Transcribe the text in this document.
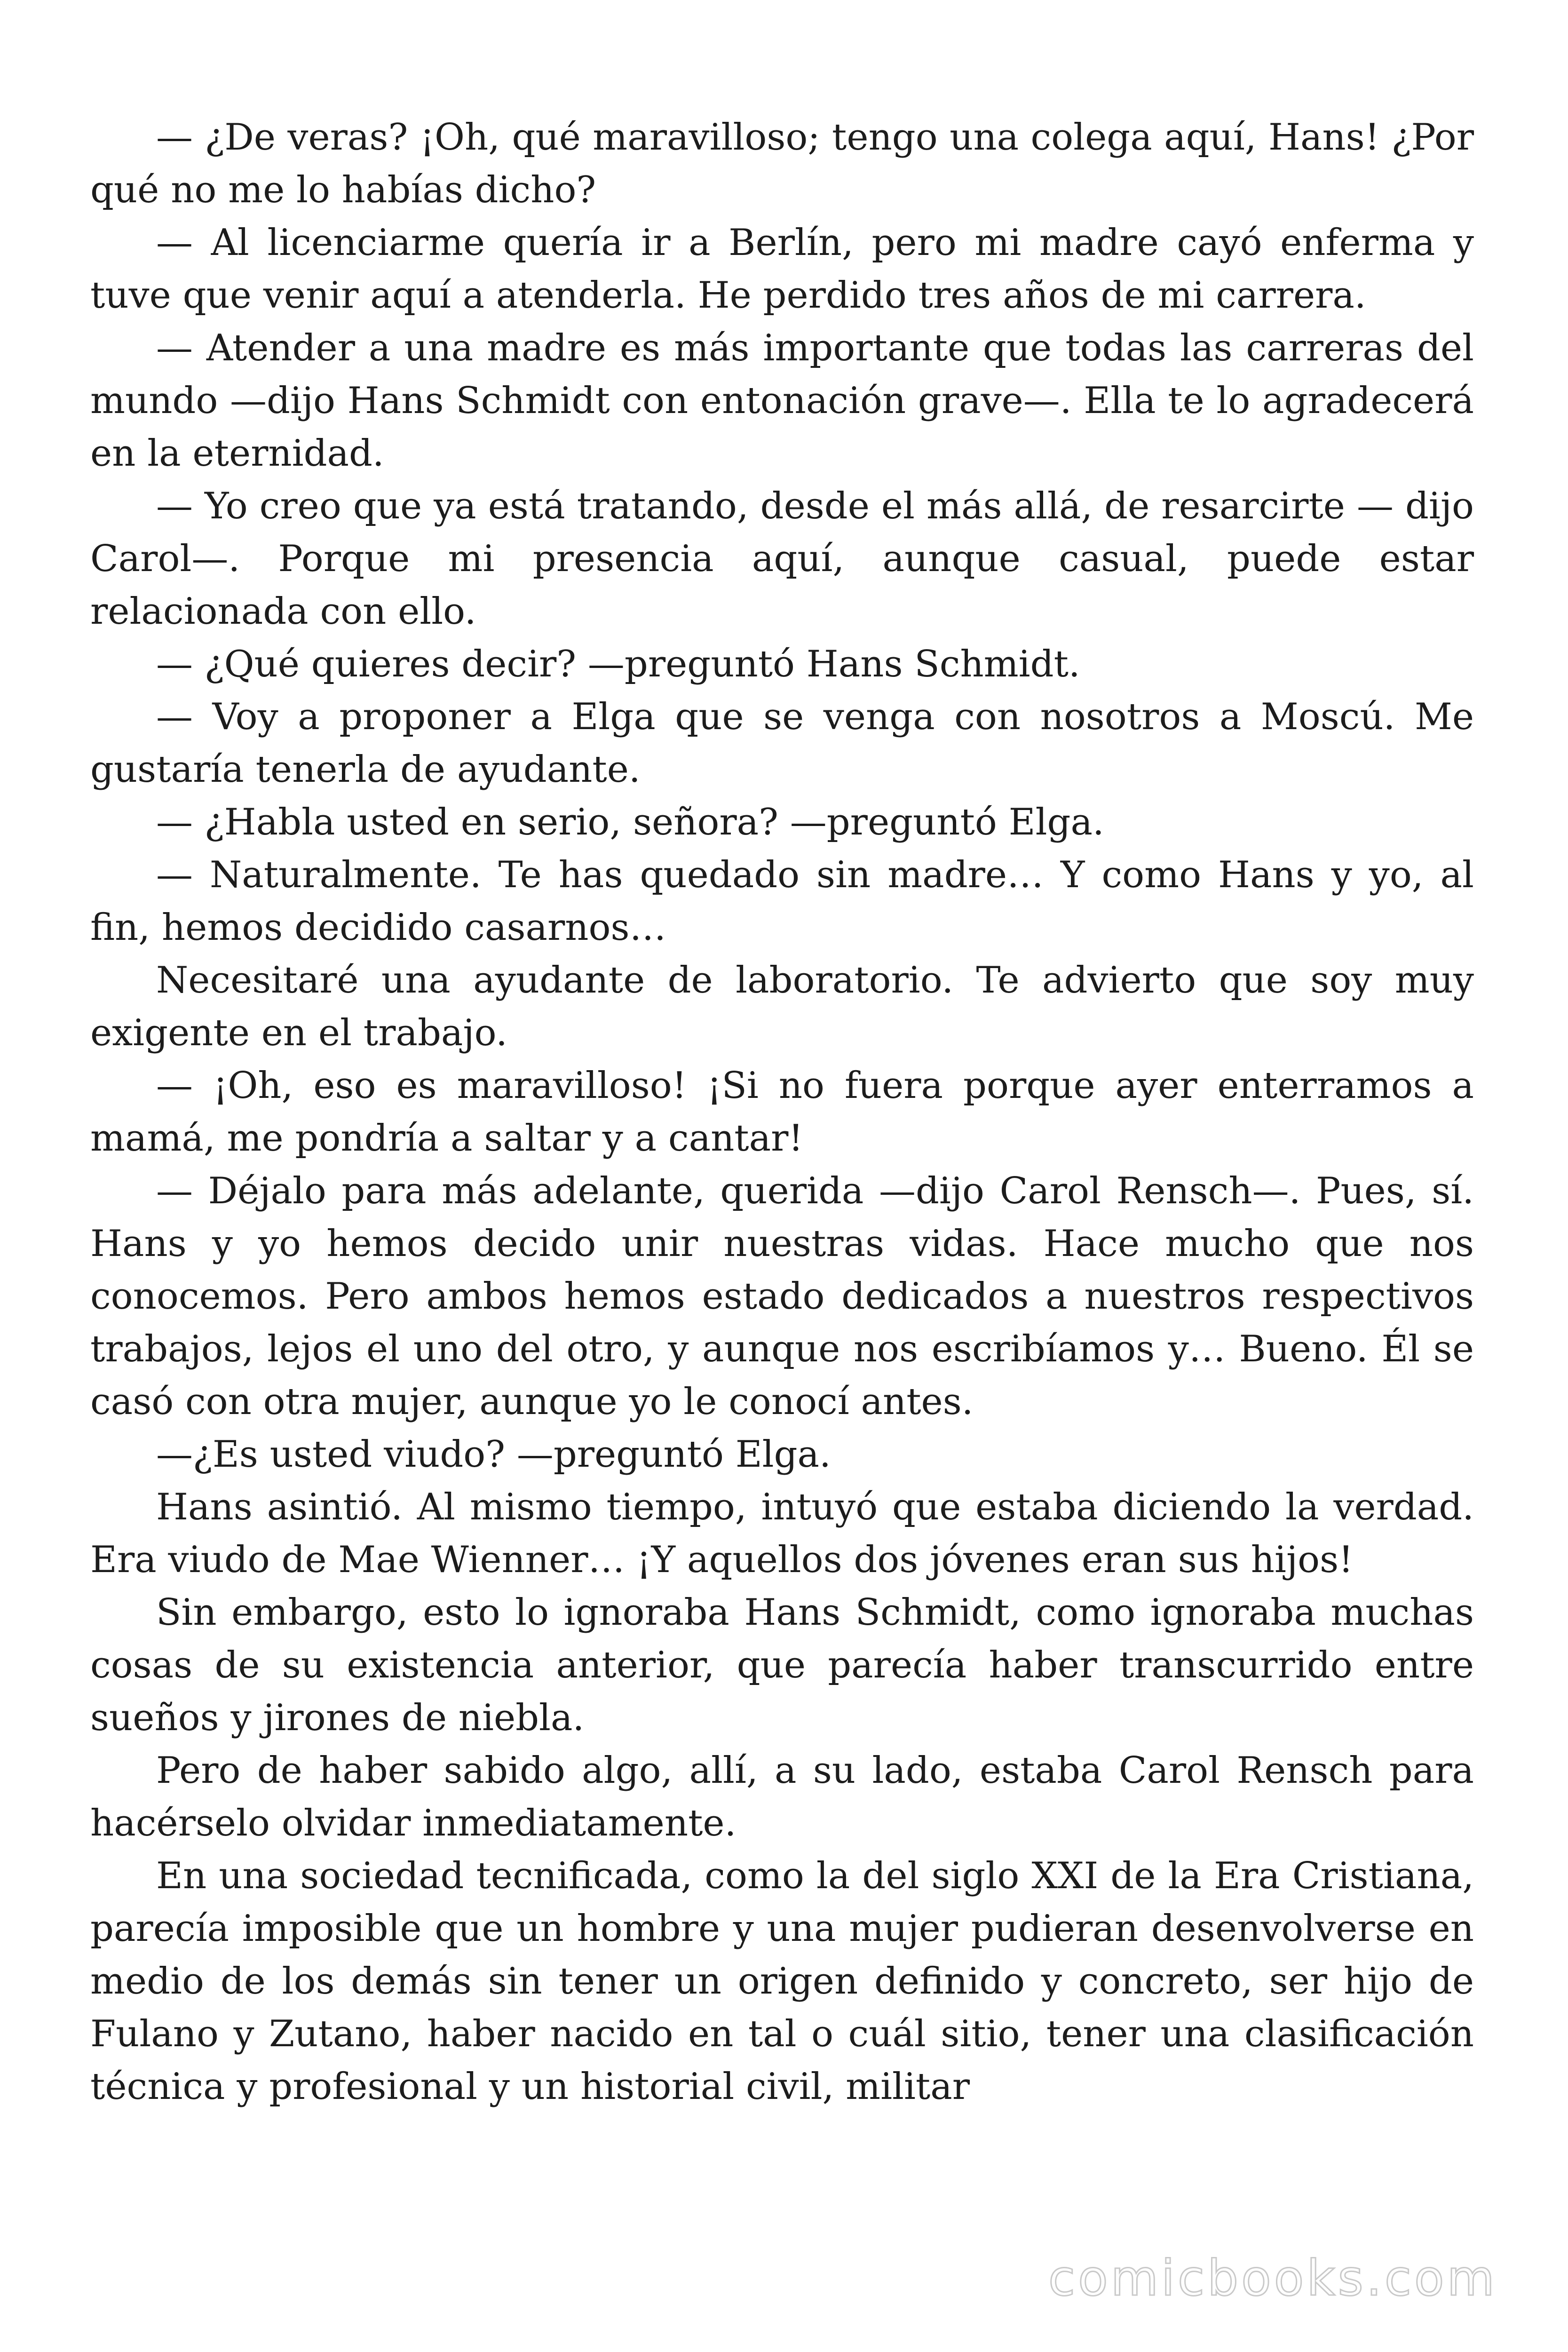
— ¿De veras? ¡Oh, qué maravilloso; tengo una colega aquí, Hans! ¿Por qué no me lo habías dicho?

— Al licenciarme quería ir a Berlín, pero mi madre cayó enferma y tuve que venir aquí a atenderla. He perdido tres años de mi carrera.

— Atender a una madre es más importante que todas las carreras del mundo —dijo Hans Schmidt con entonación grave—. Ella te lo agradecerá en la eternidad.

— Yo creo que ya está tratando, desde el más allá, de resarcirte — dijo Carol—. Porque mi presencia aquí, aunque casual, puede estar relacionada con ello.

— ¿Qué quieres decir? —preguntó Hans Schmidt.

— Voy a proponer a Elga que se venga con nosotros a Moscú. Me gustaría tenerla de ayudante.

— ¿Habla usted en serio, señora? —preguntó Elga.

— Naturalmente. Te has quedado sin madre… Y como Hans y yo, al fin, hemos decidido casarnos…

Necesitaré una ayudante de laboratorio. Te advierto que soy muy exigente en el trabajo.

— ¡Oh, eso es maravilloso! ¡Si no fuera porque ayer enterramos a mamá, me pondría a saltar y a cantar!

— Déjalo para más adelante, querida —dijo Carol Rensch—. Pues, sí. Hans y yo hemos decido unir nuestras vidas. Hace mucho que nos conocemos. Pero ambos hemos estado dedicados a nuestros respectivos trabajos, lejos el uno del otro, y aunque nos escribíamos y… Bueno. Él se casó con otra mujer, aunque yo le conocí antes.

—¿Es usted viudo? —preguntó Elga.

Hans asintió. Al mismo tiempo, intuyó que estaba diciendo la verdad. Era viudo de Mae Wienner… ¡Y aquellos dos jóvenes eran sus hijos!

Sin embargo, esto lo ignoraba Hans Schmidt, como ignoraba muchas cosas de su existencia anterior, que parecía haber transcurrido entre sueños y jirones de niebla.

Pero de haber sabido algo, allí, a su lado, estaba Carol Rensch para hacérselo olvidar inmediatamente.

En una sociedad tecnificada, como la del siglo XXI de la Era Cristiana, parecía imposible que un hombre y una mujer pudieran desenvolverse en medio de los demás sin tener un origen definido y concreto, ser hijo de Fulano y Zutano, haber nacido en tal o cuál sitio, tener una clasificación técnica y profesional y un historial civil, militar

comicbooks.com
